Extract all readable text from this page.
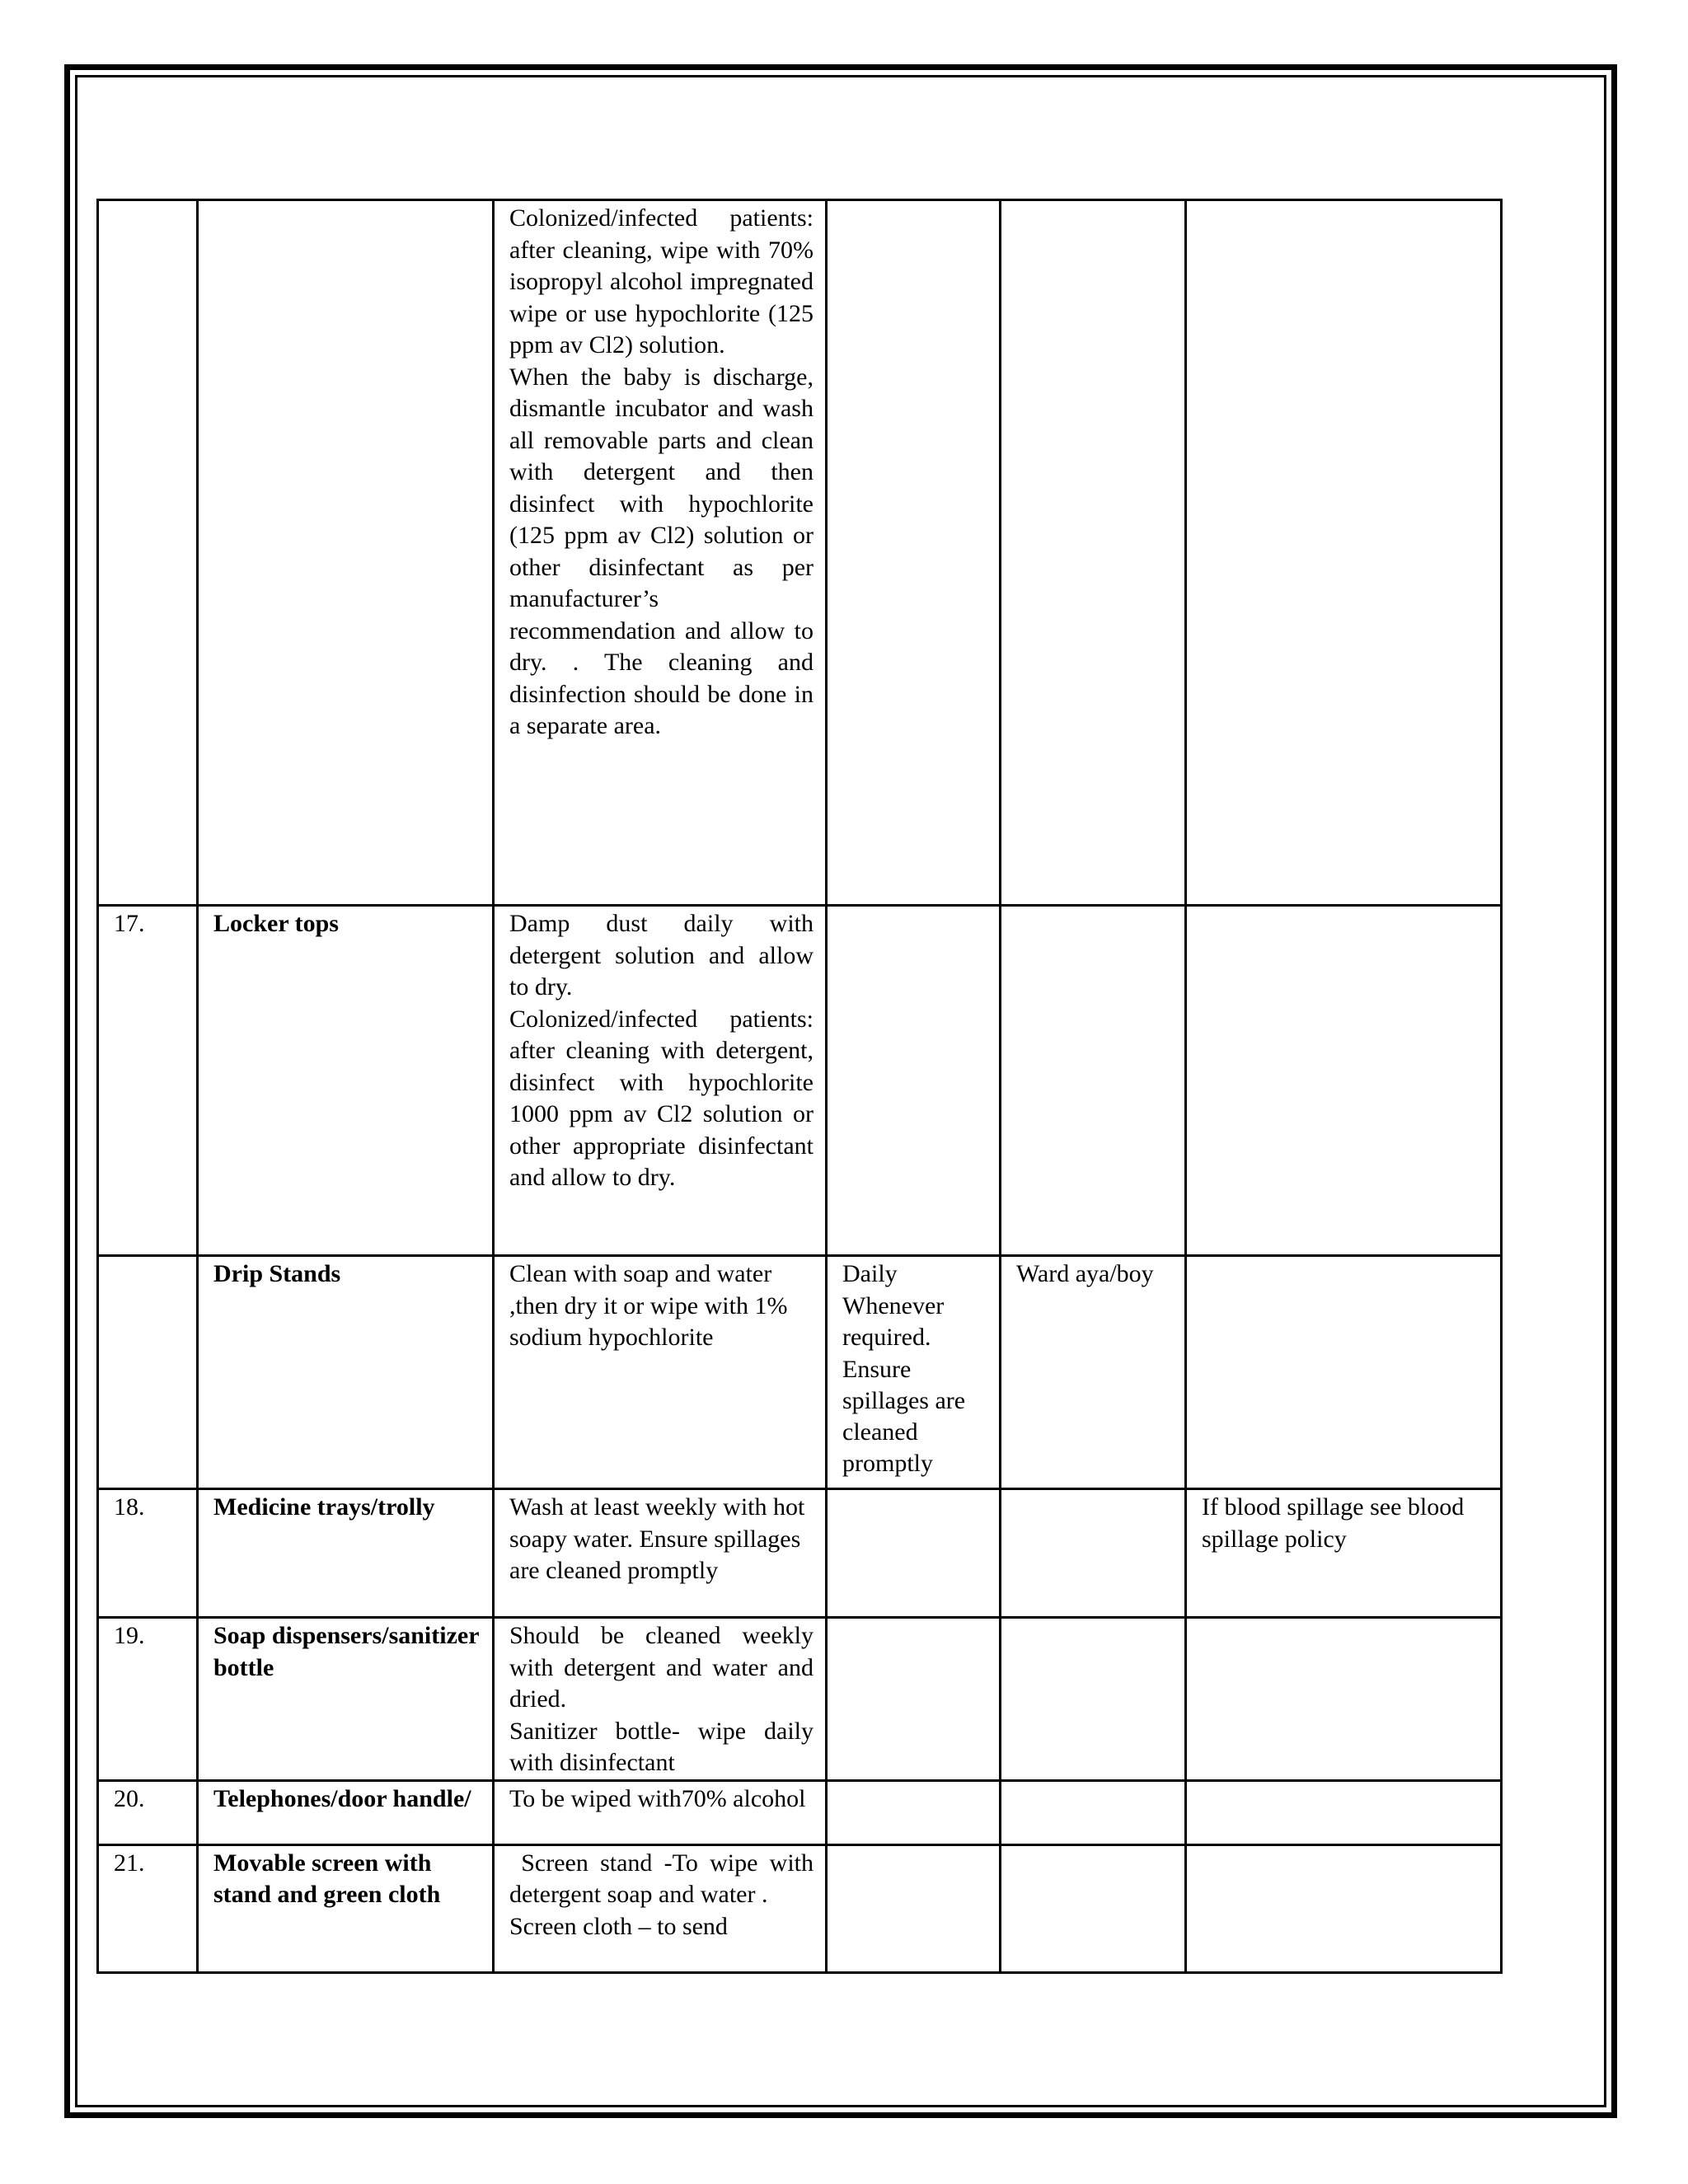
		Colonized/infected patients: after cleaning, wipe with 70% isopropyl alcohol impregnated wipe or use hypochlorite (125 ppm av Cl2) solution.
When the baby is discharge, dismantle incubator and wash all removable parts and clean with detergent and then disinfect with hypochlorite (125 ppm av Cl2) solution or other disinfectant as per manufacturer’s recommendation and allow to dry. . The cleaning and disinfection should be done in a separate area.			

17.	Locker tops	Damp dust daily with detergent solution and allow to dry.
Colonized/infected patients: after cleaning with detergent, disinfect with hypochlorite 1000 ppm av Cl2 solution or other appropriate disinfectant and allow to dry.			

	Drip Stands	Clean with soap and water ,then dry it or wipe with 1% sodium hypochlorite	Daily Whenever required.
Ensure spillages are cleaned promptly	Ward aya/boy	
18.	Medicine trays/trolly	Wash at least weekly with hot soapy water. Ensure spillages are cleaned promptly			If blood spillage see blood spillage policy
19.	Soap dispensers/sanitizer bottle	Should be cleaned weekly with detergent and water and dried.
Sanitizer bottle- wipe daily with disinfectant			

20.	Telephones/door handle/	To be wiped with70% alcohol			

21.	Movable screen with stand and green cloth	Screen stand -To wipe with detergent soap and water .
Screen cloth – to send			
